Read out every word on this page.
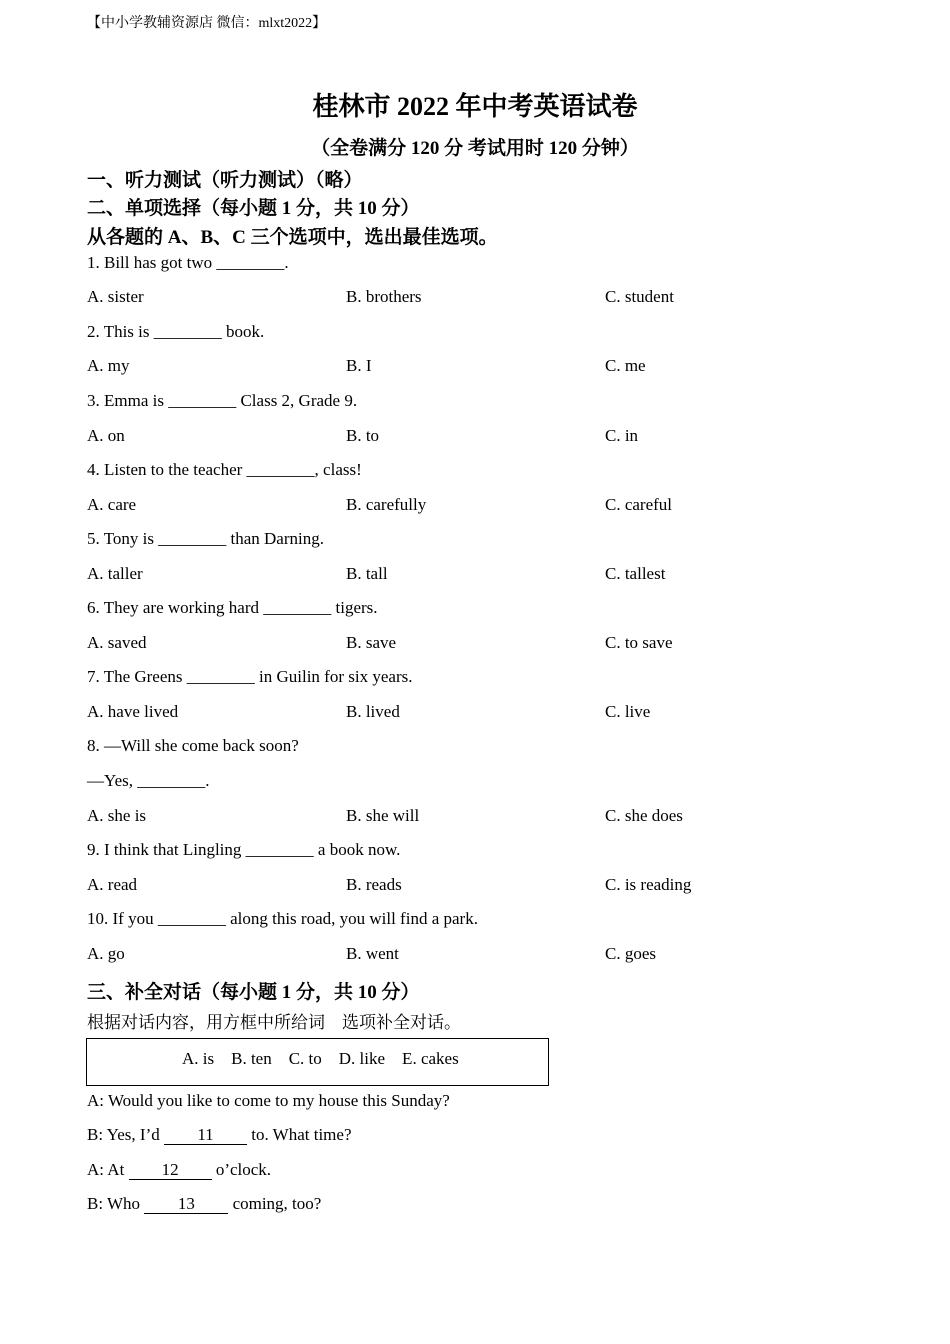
【中小学教辅资源店 微信：mlxt2022】
桂林市 2022 年中考英语试卷
（全卷满分 120 分 考试用时 120 分钟）
一、听力测试（听力测试）（略）
二、单项选择（每小题 1 分，共 10 分）
从各题的 A、B、C 三个选项中，选出最佳选项。
1. Bill has got two ________.
A. sister	B. brothers	C. student
2. This is ________ book.
A. my	B. I	C. me
3. Emma is ________ Class 2, Grade 9.
A. on	B. to	C. in
4. Listen to the teacher ________, class!
A. care	B. carefully	C. careful
5. Tony is ________ than Darning.
A. taller	B. tall	C. tallest
6. They are working hard ________ tigers.
A. saved	B. save	C. to save
7. The Greens ________ in Guilin for six years.
A. have lived	B. lived	C. live
8. —Will she come back soon?
—Yes, ________.
A. she is	B. she will	C. she does
9. I think that Lingling ________ a book now.
A. read	B. reads	C. is reading
10. If you ________ along this road, you will find a park.
A. go	B. went	C. goes
三、补全对话（每小题 1 分，共 10 分）
根据对话内容，用方框中所给词    选项补全对话。
A. is    B. ten    C. to    D. like    E. cakes
A: Would you like to come to my house this Sunday?
B: Yes, I’d 11 to. What time?
A: At 12 o’clock.
B: Who 13 coming, too?
